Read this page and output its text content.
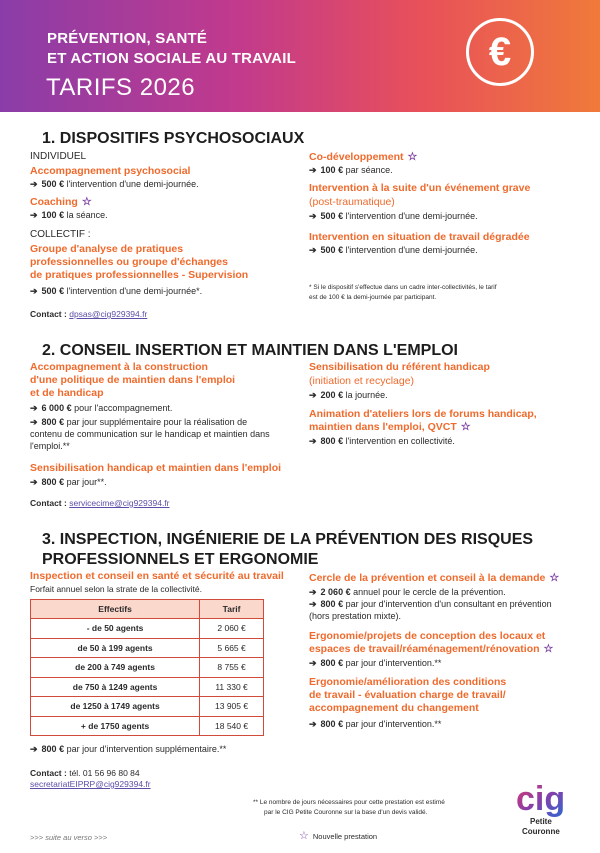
PRÉVENTION, SANTÉ
ET ACTION SOCIALE AU TRAVAIL
TARIFS 2026
€
1. DISPOSITIFS PSYCHOSOCIAUX
INDIVIDUEL
Accompagnement psychosocial
➔ 500 € l'intervention d'une demi-journée.
Coaching ☆
➔ 100 € la séance.
COLLECTIF :
Groupe d'analyse de pratiques
professionnelles ou groupe d'échanges
de pratiques professionnelles - Supervision
➔ 500 € l'intervention d'une demi-journée*.
Co-développement ☆
➔ 100 € par séance.
Intervention à la suite d'un événement grave
(post-traumatique)
➔ 500 € l'intervention d'une demi-journée.
Intervention en situation de travail dégradée
➔ 500 € l'intervention d'une demi-journée.
* Si le dispositif s'effectue dans un cadre inter-collectivités, le tarif
est de 100 € la demi-journée par participant.
Contact : dpsas@cig929394.fr
2. CONSEIL INSERTION ET MAINTIEN DANS L'EMPLOI
Accompagnement à la construction
d'une politique de maintien dans l'emploi
et de handicap
➔ 6 000 € pour l'accompagnement.
➔ 800 € par jour supplémentaire pour la réalisation de
contenu de communication sur le handicap et maintien dans
l'emploi.**
Sensibilisation handicap et maintien dans l'emploi
➔ 800 € par jour**.
Sensibilisation du référent handicap
(initiation et recyclage)
➔ 200 € la journée.
Animation d'ateliers lors de forums handicap,
maintien dans l'emploi, QVCT ☆
➔ 800 € l'intervention en collectivité.
Contact : servicecime@cig929394.fr
3. INSPECTION, INGÉNIERIE DE LA PRÉVENTION DES RISQUES
PROFESSIONNELS ET ERGONOMIE
Inspection et conseil en santé et sécurité au travail
Forfait annuel selon la strate de la collectivité.
Effectifs	Tarif
- de 50 agents	2 060 €
de 50 à 199 agents	5 665 €
de 200 à 749 agents	8 755 €
de 750 à 1249 agents	11 330 €
de 1250 à 1749 agents	13 905 €
+ de 1750 agents	18 540 €
➔ 800 € par jour d'intervention supplémentaire.**
Cercle de la prévention et conseil à la demande ☆
➔ 2 060 € annuel pour le cercle de la prévention.
➔ 800 € par jour d'intervention d'un consultant en prévention
(hors prestation mixte).
Ergonomie/projets de conception des locaux et
espaces de travail/réaménagement/rénovation ☆
➔ 800 € par jour d'intervention.**
Ergonomie/amélioration des conditions
de travail - évaluation charge de travail/
accompagnement du changement
➔ 800 € par jour d'intervention.**
Contact : tél. 01 56 96 80 84
secretariatEIPRP@cig929394.fr
** Le nombre de jours nécessaires pour cette prestation est estimé
par le CIG Petite Couronne sur la base d'un devis validé.
☆ Nouvelle prestation
>>> suite au verso >>>
cig
Petite
Couronne
